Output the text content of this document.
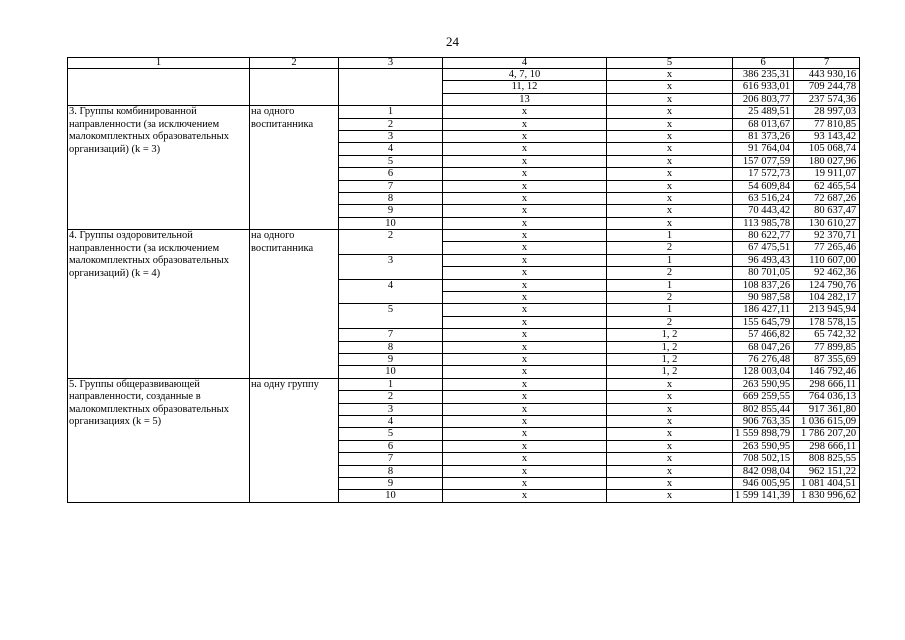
24
1	2	3	4	5	6	7
			4, 7, 10	х	386 235,31	443 930,16
			11, 12	х	616 933,01	709 244,78
			13	х	206 803,77	237 574,36
3. Группы комбинированной направленности (за исключением малокомплектных образовательных организаций) (k = 3)	на одного воспитанника	1	х	х	25 489,51	28 997,03
		2	х	х	68 013,67	77 810,85
		3	х	х	81 373,26	93 143,42
		4	х	х	91 764,04	105 068,74
		5	х	х	157 077,59	180 027,96
		6	х	х	17 572,73	19 911,07
		7	х	х	54 609,84	62 465,54
		8	х	х	63 516,24	72 687,26
		9	х	х	70 443,42	80 637,47
		10	х	х	113 985,78	130 610,27
4. Группы оздоровительной направленности (за исключением малокомплектных образовательных организаций) (k = 4)	на одного воспитанника	2	х	1	80 622,77	92 370,71
			х	2	67 475,51	77 265,46
		3	х	1	96 493,43	110 607,00
			х	2	80 701,05	92 462,36
		4	х	1	108 837,26	124 790,76
			х	2	90 987,58	104 282,17
		5	х	1	186 427,11	213 945,94
			х	2	155 645,79	178 578,15
		7	х	1, 2	57 466,82	65 742,32
		8	х	1, 2	68 047,26	77 899,85
		9	х	1, 2	76 276,48	87 355,69
		10	х	1, 2	128 003,04	146 792,46
5. Группы общеразвивающей направленности, созданные в малокомплектных образовательных организациях (k = 5)	на одну группу	1	х	х	263 590,95	298 666,11
		2	х	х	669 259,55	764 036,13
		3	х	х	802 855,44	917 361,80
		4	х	х	906 763,35	1 036 615,09
		5	х	х	1 559 898,79	1 786 207,20
		6	х	х	263 590,95	298 666,11
		7	х	х	708 502,15	808 825,55
		8	х	х	842 098,04	962 151,22
		9	х	х	946 005,95	1 081 404,51
		10	х	х	1 599 141,39	1 830 996,62
